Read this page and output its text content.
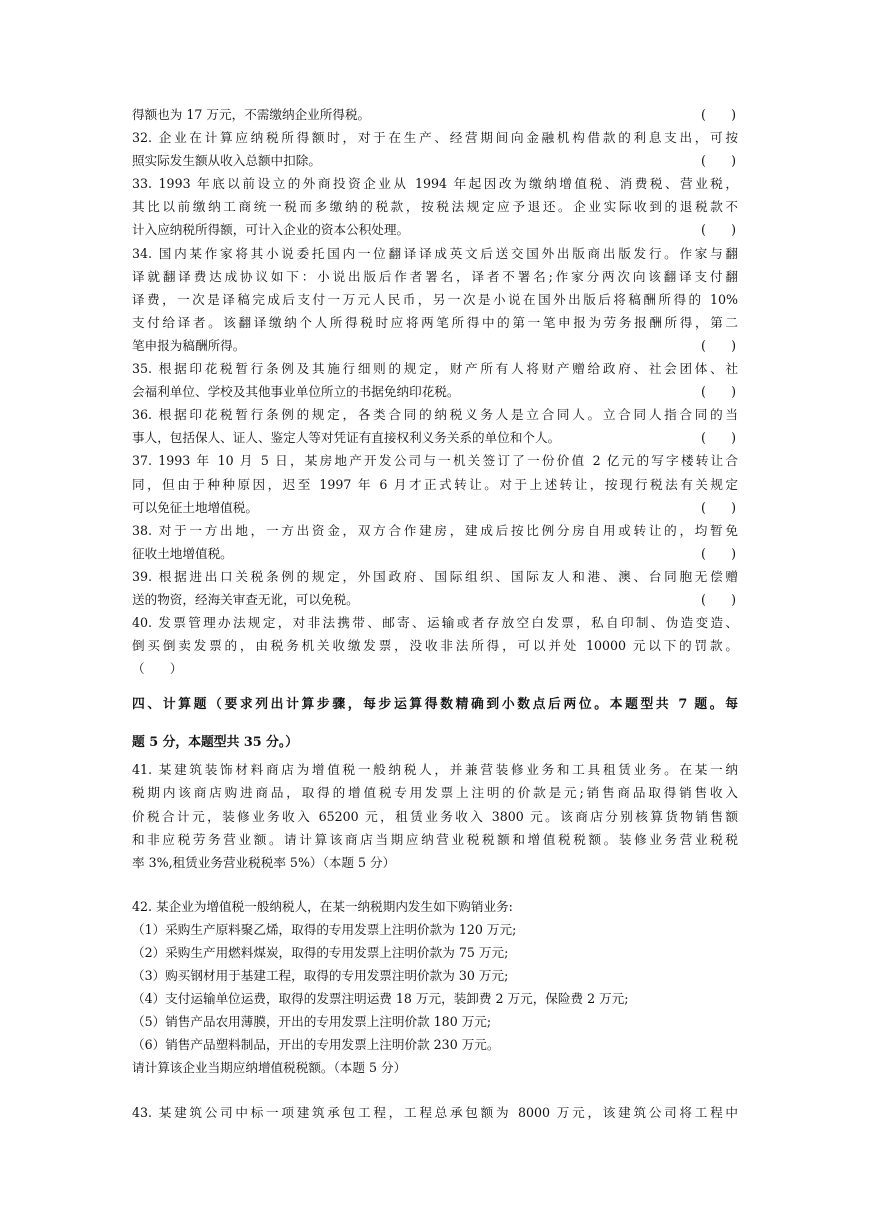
得额也为 17 万元，不需缴纳企业所得税。	(　　)
32. 企业在计算应纳税所得额时，对于在生产、经营期间向金融机构借款的利息支出，可按
照实际发生额从收入总额中扣除。	(　　)
33. 1993 年底以前设立的外商投资企业从 1994 年起因改为缴纳增值税、消费税、营业税，
其比以前缴纳工商统一税而多缴纳的税款，按税法规定应予退还。企业实际收到的退税款不
计入应纳税所得额，可计入企业的资本公积处理。	(　　)
34. 国内某作家将其小说委托国内一位翻译译成英文后送交国外出版商出版发行。作家与翻
译就翻译费达成协议如下：小说出版后作者署名，译者不署名;作家分两次向该翻译支付翻
译费，一次是译稿完成后支付一万元人民币，另一次是小说在国外出版后将稿酬所得的 10%
支付给译者。该翻译缴纳个人所得税时应将两笔所得中的第一笔申报为劳务报酬所得，第二
笔申报为稿酬所得。	(　　)
35. 根据印花税暂行条例及其施行细则的规定，财产所有人将财产赠给政府、社会团体、社
会福利单位、学校及其他事业单位所立的书据免纳印花税。	(　　)
36. 根据印花税暂行条例的规定，各类合同的纳税义务人是立合同人。立合同人指合同的当
事人，包括保人、证人、鉴定人等对凭证有直接权利义务关系的单位和个人。	(　　)
37. 1993 年 10 月 5 日，某房地产开发公司与一机关签订了一份价值 2 亿元的写字楼转让合
同，但由于种种原因，迟至 1997 年 6 月才正式转让。对于上述转让，按现行税法有关规定
可以免征土地增值税。	(　　)
38. 对于一方出地，一方出资金，双方合作建房，建成后按比例分房自用或转让的，均暂免
征收土地增值税。	(　　)
39. 根据进出口关税条例的规定，外国政府、国际组织、国际友人和港、澳、台同胞无偿赠
送的物资，经海关审查无讹，可以免税。	(　　)
40. 发票管理办法规定，对非法携带、邮寄、运输或者存放空白发票，私自印制、伪造变造、
倒买倒卖发票的，由税务机关收缴发票，没收非法所得，可以并处 10000 元以下的罚款。
（　　）
四、计算题（要求列出计算步骤，每步运算得数精确到小数点后两位。本题型共 7 题。每
题 5 分，本题型共 35 分。）
41. 某建筑装饰材料商店为增值税一般纳税人，并兼营装修业务和工具租赁业务。在某一纳
税期内该商店购进商品，取得的增值税专用发票上注明的价款是元;销售商品取得销售收入
价税合计元，装修业务收入 65200 元，租赁业务收入 3800 元。该商店分别核算货物销售额
和非应税劳务营业额。请计算该商店当期应纳营业税税额和增值税税额。装修业务营业税税
率 3%,租赁业务营业税税率 5%）（本题 5 分）
42. 某企业为增值税一般纳税人，在某一纳税期内发生如下购销业务:
（1）采购生产原料聚乙烯，取得的专用发票上注明价款为 120 万元;
（2）采购生产用燃料煤炭，取得的专用发票上注明价款为 75 万元;
（3）购买钢材用于基建工程，取得的专用发票注明价款为 30 万元;
（4）支付运输单位运费，取得的发票注明运费 18 万元，装卸费 2 万元，保险费 2 万元;
（5）销售产品农用薄膜，开出的专用发票上注明价款 180 万元;
（6）销售产品塑料制品，开出的专用发票上注明价款 230 万元。
请计算该企业当期应纳增值税税额。（本题 5 分）
43. 某建筑公司中标一项建筑承包工程，工程总承包额为 8000 万元，该建筑公司将工程中
